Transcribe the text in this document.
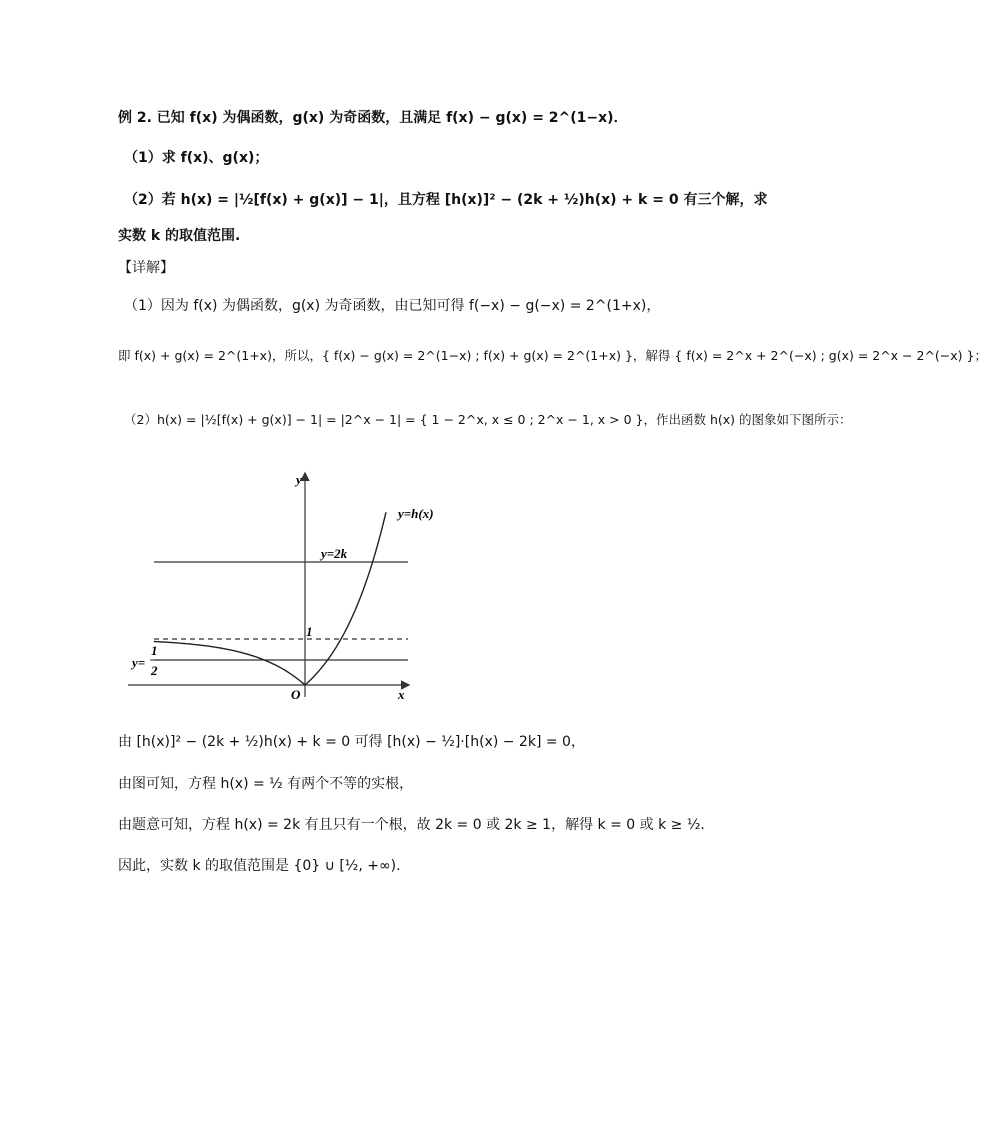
例 2. 已知 f(x) 为偶函数，g(x) 为奇函数，且满足 f(x) − g(x) = 2^(1−x)．
（1）求 f(x)、g(x)；
（2）若 h(x) = |½[f(x) + g(x)] − 1|，且方程 [h(x)]² − (2k + ½)h(x) + k = 0 有三个解，求
实数 k 的取值范围.
【详解】
（1）因为 f(x) 为偶函数，g(x) 为奇函数，由已知可得 f(−x) − g(−x) = 2^(1+x)，
即 f(x) + g(x) = 2^(1+x)，所以，{ f(x) − g(x) = 2^(1−x) ; f(x) + g(x) = 2^(1+x) }，解得 { f(x) = 2^x + 2^(−x) ; g(x) = 2^x − 2^(−x) }；
（2）h(x) = |½[f(x) + g(x)] − 1| = |2^x − 1| = { 1 − 2^x, x ≤ 0 ; 2^x − 1, x > 0 }，作出函数 h(x) 的图象如下图所示：
y
x
O
y=h(x)
y=2k
1
y=
1
2
由 [h(x)]² − (2k + ½)h(x) + k = 0 可得 [h(x) − ½]·[h(x) − 2k] = 0，
由图可知，方程 h(x) = ½ 有两个不等的实根，
由题意可知，方程 h(x) = 2k 有且只有一个根，故 2k = 0 或 2k ≥ 1，解得 k = 0 或 k ≥ ½.
因此，实数 k 的取值范围是 {0} ∪ [½, +∞).
